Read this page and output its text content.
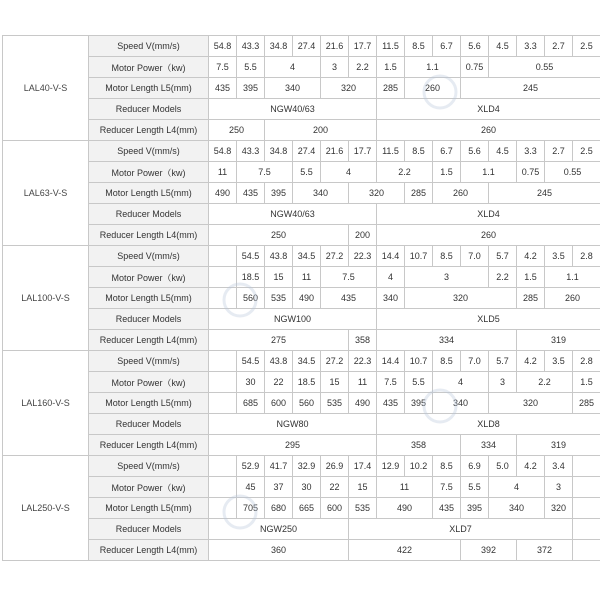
LAL40-V-S	Speed V(mm/s)	54.8	43.3	34.8	27.4	21.6	17.7	11.5	8.5	6.7	5.6	4.5	3.3	2.7	2.5
	Motor Power（kw)	7.5	5.5	4		3	2.2	1.5	1.1		0.75	0.55			
	Motor Length L5(mm)	435	395	340		320		285	260		245				
	Reducer Models	NGW40/63						XLD4							
	Reducer Length L4(mm)	250		200				260							
LAL63-V-S	Speed V(mm/s)	54.8	43.3	34.8	27.4	21.6	17.7	11.5	8.5	6.7	5.6	4.5	3.3	2.7	2.5
	Motor Power（kw)	11	7.5		5.5	4		2.2		1.5	1.1		0.75	0.55	
	Motor Length L5(mm)	490	435	395	340		320		285	260		245			
	Reducer Models	NGW40/63						XLD4							
	Reducer Length L4(mm)	250					200	260							
LAL100-V-S	Speed V(mm/s)		54.5	43.8	34.5	27.2	22.3	14.4	10.7	8.5	7.0	5.7	4.2	3.5	2.8
	Motor Power（kw)		18.5	15	11	7.5		4	3			2.2	1.5	1.1	
	Motor Length L5(mm)		560	535	490	435		340	320				285	260	
	Reducer Models	NGW100						XLD5							
	Reducer Length L4(mm)	275					358	334					319		
LAL160-V-S	Speed V(mm/s)		54.5	43.8	34.5	27.2	22.3	14.4	10.7	8.5	7.0	5.7	4.2	3.5	2.8
	Motor Power（kw)		30	22	18.5	15	11	7.5	5.5	4		3	2.2		1.5
	Motor Length L5(mm)		685	600	560	535	490	435	395	340		320			285
	Reducer Models	NGW80						XLD8							
	Reducer Length L4(mm)	295						358			334		319		
LAL250-V-S	Speed V(mm/s)		52.9	41.7	32.9	26.9	17.4	12.9	10.2	8.5	6.9	5.0	4.2	3.4	
	Motor Power（kw)		45	37	30	22	15	11		7.5	5.5	4		3	
	Motor Length L5(mm)		705	680	665	600	535	490		435	395	340		320	
	Reducer Models	NGW250					XLD7								
	Reducer Length L4(mm)	360					422				392		372		
